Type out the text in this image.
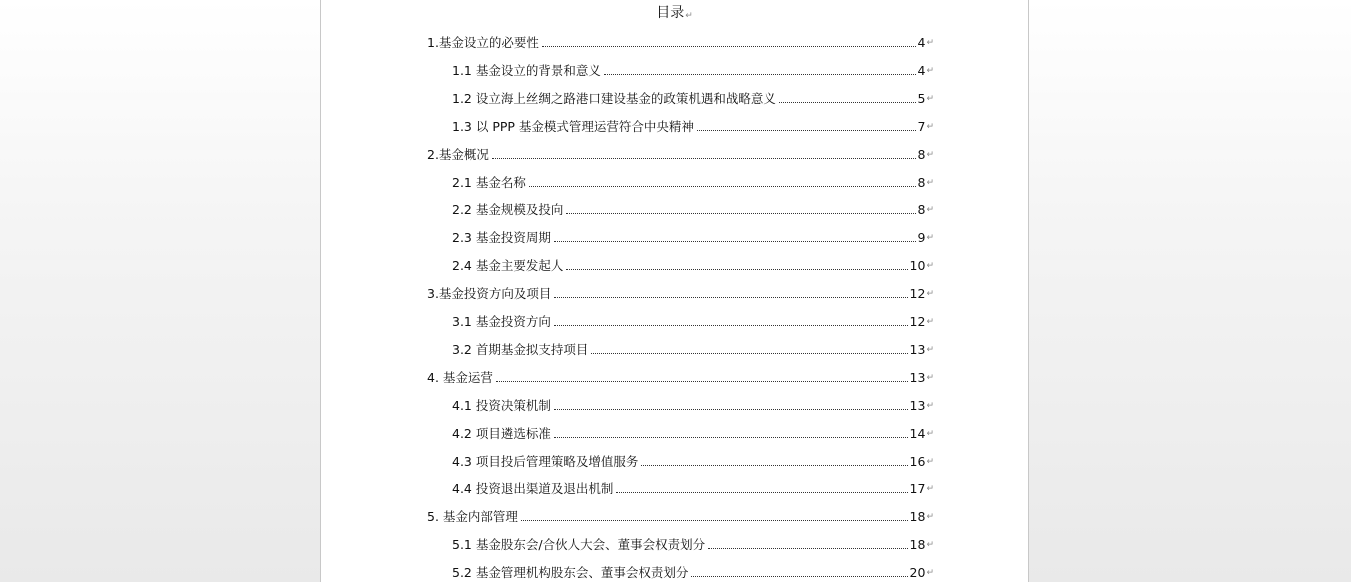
目录↵
1.基金设立的必要性	4 ↵
1.1 基金设立的背景和意义	4 ↵
1.2 设立海上丝绸之路港口建设基金的政策机遇和战略意义	5 ↵
1.3 以 PPP 基金模式管理运营符合中央精神	7 ↵
2.基金概况	8 ↵
2.1 基金名称	8 ↵
2.2 基金规模及投向	8 ↵
2.3 基金投资周期	9 ↵
2.4 基金主要发起人	10 ↵
3.基金投资方向及项目	12 ↵
3.1 基金投资方向	12 ↵
3.2 首期基金拟支持项目	13 ↵
4. 基金运营	13 ↵
4.1 投资决策机制	13 ↵
4.2 项目遴选标准	14 ↵
4.3 项目投后管理策略及增值服务	16 ↵
4.4 投资退出渠道及退出机制	17 ↵
5. 基金内部管理	18 ↵
5.1 基金股东会/合伙人大会、董事会权责划分	18 ↵
5.2 基金管理机构股东会、董事会权责划分	20 ↵
